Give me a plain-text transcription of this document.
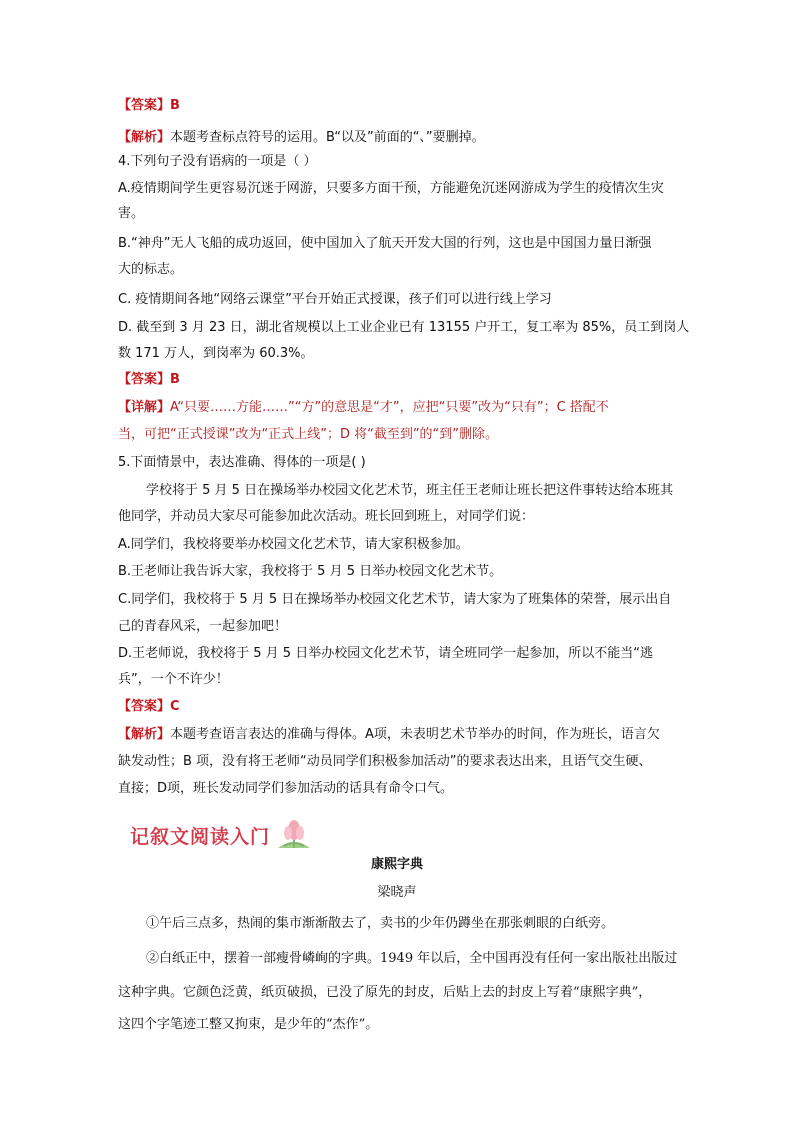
【答案】B
【解析】本题考查标点符号的运用。B“以及”前面的“、”要删掉。
4.下列句子没有语病的一项是（ ）
A.疫情期间学生更容易沉迷于网游，只要多方面干预，方能避免沉迷网游成为学生的疫情次生灾
害。
B.“神舟”无人飞船的成功返回，使中国加入了航天开发大国的行列，这也是中国国力量日渐强
大的标志。
C. 疫情期间各地“网络云课堂”平台开始正式授课，孩子们可以进行线上学习
D. 截至到 3 月 23 日，湖北省规模以上工业企业已有 13155 户开工，复工率为 85%，员工到岗人
数 171 万人，到岗率为 60.3%。
【答案】B
【详解】A“只要……方能……”“方”的意思是“才”，应把“只要”改为“只有”；C 搭配不
当，可把“正式授课”改为“正式上线”；D 将“截至到”的“到”删除。
5.下面情景中，表达准确、得体的一项是( )
学校将于 5 月 5 日在操场举办校园文化艺术节，班主任王老师让班长把这件事转达给本班其
他同学，并动员大家尽可能参加此次活动。班长回到班上，对同学们说：
A.同学们，我校将要举办校园文化艺术节，请大家积极参加。
B.王老师让我告诉大家，我校将于 5 月 5 日举办校园文化艺术节。
C.同学们，我校将于 5 月 5 日在操场举办校园文化艺术节，请大家为了班集体的荣誉，展示出自
己的青春风采，一起参加吧！
D.王老师说，我校将于 5 月 5 日举办校园文化艺术节，请全班同学一起参加，所以不能当“逃
兵”，一个不许少！
【答案】C
【解析】本题考查语言表达的准确与得体。A项，未表明艺术节举办的时间，作为班长，语言欠
缺发动性；B 项，没有将王老师“动员同学们积极参加活动”的要求表达出来，且语气交生硬、
直接；D项，班长发动同学们参加活动的话具有命令口气。
记叙文阅读入门
康熙字典
梁晓声
①午后三点多，热闹的集市渐渐散去了，卖书的少年仍蹲坐在那张刺眼的白纸旁。
②白纸正中，摆着一部瘦骨嶙峋的字典。1949 年以后，全中国再没有任何一家出版社出版过
这种字典。它颜色泛黄，纸页破损，已没了原先的封皮，后贴上去的封皮上写着“康熙字典”，
这四个字笔迹工整又拘束，是少年的“杰作”。
